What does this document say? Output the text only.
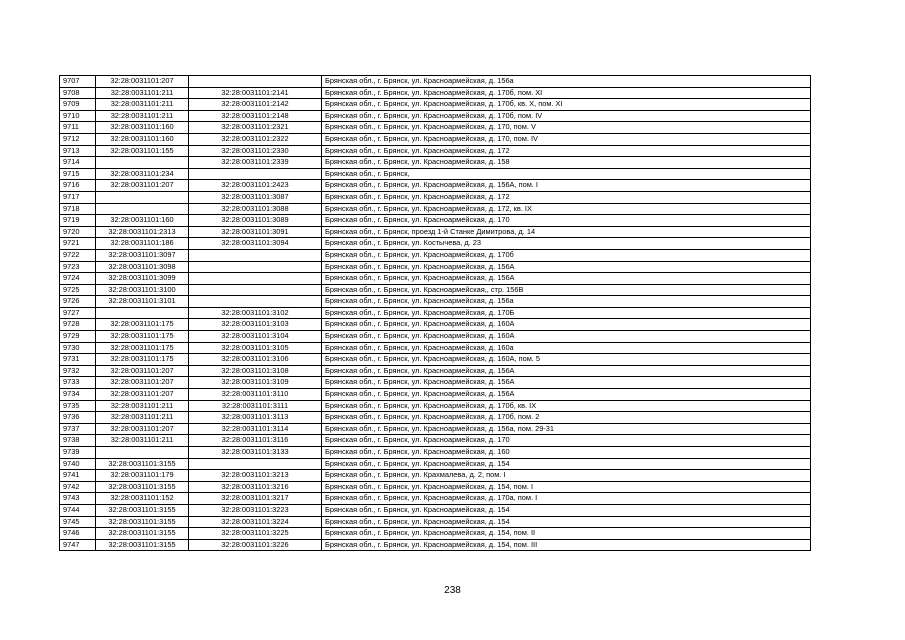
9707	32:28:0031101:207		Брянская обл., г. Брянск, ул. Красноармейская, д. 156а
9708	32:28:0031101:211	32:28:0031101:2141	Брянская обл., г. Брянск, ул. Красноармейская, д. 170б, пом. XI
9709	32:28:0031101:211	32:28:0031101:2142	Брянская обл., г. Брянск, ул. Красноармейская, д. 170б, кв. X, пом. XI
9710	32:28:0031101:211	32:28:0031101:2148	Брянская обл., г. Брянск, ул. Красноармейская, д. 170б, пом. IV
9711	32:28:0031101:160	32:28:0031101:2321	Брянская обл., г. Брянск, ул. Красноармейская, д. 170, пом. V
9712	32:28:0031101:160	32:28:0031101:2322	Брянская обл., г. Брянск, ул. Красноармейская, д. 170, пом. IV
9713	32:28:0031101:155	32:28:0031101:2330	Брянская обл., г. Брянск, ул. Красноармейская, д. 172
9714		32:28:0031101:2339	Брянская обл., г. Брянск, ул. Красноармейская, д. 158
9715	32:28:0031101:234		Брянская обл., г. Брянск,
9716	32:28:0031101:207	32:28:0031101:2423	Брянская обл., г. Брянск, ул. Красноармейская, д. 156А, пом. I
9717		32:28:0031101:3087	Брянская обл., г. Брянск, ул. Красноармейская, д. 172
9718		32:28:0031101:3088	Брянская обл., г. Брянск, ул. Красноармейская, д. 172, кв. IX
9719	32:28:0031101:160	32:28:0031101:3089	Брянская обл., г. Брянск, ул. Красноармейская, д. 170
9720	32:28:0031101:2313	32:28:0031101:3091	Брянская обл., г. Брянск, проезд 1-й Станке Димитрова, д. 14
9721	32:28:0031101:186	32:28:0031101:3094	Брянская обл., г. Брянск, ул. Костычева, д. 23
9722	32:28:0031101:3097		Брянская обл., г. Брянск, ул. Красноармейская, д. 170б
9723	32:28:0031101:3098		Брянская обл., г. Брянск, ул. Красноармейская, д. 156А
9724	32:28:0031101:3099		Брянская обл., г. Брянск, ул. Красноармейская, д. 156А
9725	32:28:0031101:3100		Брянская обл., г. Брянск, ул. Красноармейская,, стр. 156В
9726	32:28:0031101:3101		Брянская обл., г. Брянск, ул. Красноармейская, д. 156а
9727		32:28:0031101:3102	Брянская обл., г. Брянск, ул. Красноармейская, д. 170Б
9728	32:28:0031101:175	32:28:0031101:3103	Брянская обл., г. Брянск, ул. Красноармейская, д. 160А
9729	32:28:0031101:175	32:28:0031101:3104	Брянская обл., г. Брянск, ул. Красноармейская, д. 160А
9730	32:28:0031101:175	32:28:0031101:3105	Брянская обл., г. Брянск, ул. Красноармейская, д. 160а
9731	32:28:0031101:175	32:28:0031101:3106	Брянская обл., г. Брянск, ул. Красноармейская, д. 160А, пом. 5
9732	32:28:0031101:207	32:28:0031101:3108	Брянская обл., г. Брянск, ул. Красноармейская, д. 156А
9733	32:28:0031101:207	32:28:0031101:3109	Брянская обл., г. Брянск, ул. Красноармейская, д. 156А
9734	32:28:0031101:207	32:28:0031101:3110	Брянская обл., г. Брянск, ул. Красноармейская, д. 156А
9735	32:28:0031101:211	32:28:0031101:3111	Брянская обл., г. Брянск, ул. Красноармейская, д. 170б, кв. IX
9736	32:28:0031101:211	32:28:0031101:3113	Брянская обл., г. Брянск, ул. Красноармейская, д. 170б, пом. 2
9737	32:28:0031101:207	32:28:0031101:3114	Брянская обл., г. Брянск, ул. Красноармейская, д. 156а, пом. 29-31
9738	32:28:0031101:211	32:28:0031101:3116	Брянская обл., г. Брянск, ул. Красноармейская, д. 170
9739		32:28:0031101:3133	Брянская обл., г. Брянск, ул. Красноармейская, д. 160
9740	32:28:0031101:3155		Брянская обл., г. Брянск, ул. Красноармейская, д. 154
9741	32:28:0031101:179	32:28:0031101:3213	Брянская обл., г. Брянск, ул. Крахмалева, д. 2, пом. I
9742	32:28:0031101:3155	32:28:0031101:3216	Брянская обл., г. Брянск, ул. Красноармейская, д. 154, пом. I
9743	32:28:0031101:152	32:28:0031101:3217	Брянская обл., г. Брянск, ул. Красноармейская, д. 170а, пом. I
9744	32:28:0031101:3155	32:28:0031101:3223	Брянская обл., г. Брянск, ул. Красноармейская, д. 154
9745	32:28:0031101:3155	32:28:0031101:3224	Брянская обл., г. Брянск, ул. Красноармейская, д. 154
9746	32:28:0031101:3155	32:28:0031101:3225	Брянская обл., г. Брянск, ул. Красноармейская, д. 154, пом. II
9747	32:28:0031101:3155	32:28:0031101:3226	Брянская обл., г. Брянск, ул. Красноармейская, д. 154, пом. III
238
